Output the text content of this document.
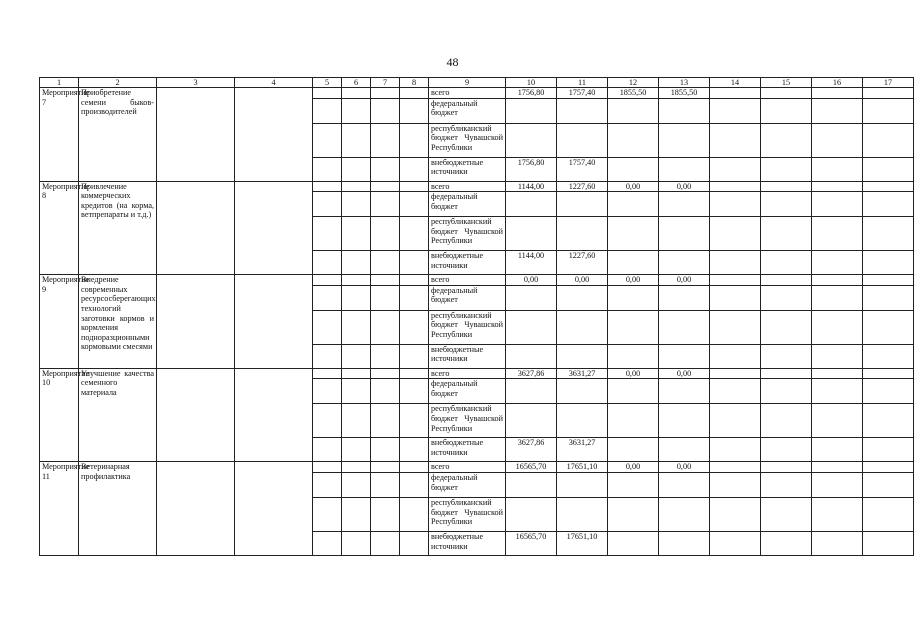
48
1	2	3	4	5	6	7	8	9	10	11	12	13	14	15	16	17
Мероприятие 7	Приобретение семени быков-производителей							всего	1756,80	1757,40	1855,50	1855,50				
								федеральный бюджет								
								республиканский бюджет Чувашской Республики								
								внебюджетные источники	1756,80	1757,40						
Мероприятие 8	Привлечение коммерческих кредитов (на корма, ветпрепараты и т.д.)							всего	1144,00	1227,60	0,00	0,00				
								федеральный бюджет								
								республиканский бюджет Чувашской Республики								
								внебюджетные источники	1144,00	1227,60						
Мероприятие 9	Внедрение современных ресурсосберегающих технологий заготовки кормов и кормления подноразционными кормовыми смесями							всего	0,00	0,00	0,00	0,00				
								федеральный бюджет								
								республиканский бюджет Чувашской Республики								
								внебюджетные источники								
Мероприятие 10	Улучшение качества семенного материала							всего	3627,86	3631,27	0,00	0,00				
								федеральный бюджет								
								республиканский бюджет Чувашской Республики								
								внебюджетные источники	3627,86	3631,27						
Мероприятие 11	Ветеринарная профилактика							всего	16565,70	17651,10	0,00	0,00				
								федеральный бюджет								
								республиканский бюджет Чувашской Республики								
								внебюджетные источники	16565,70	17651,10						
